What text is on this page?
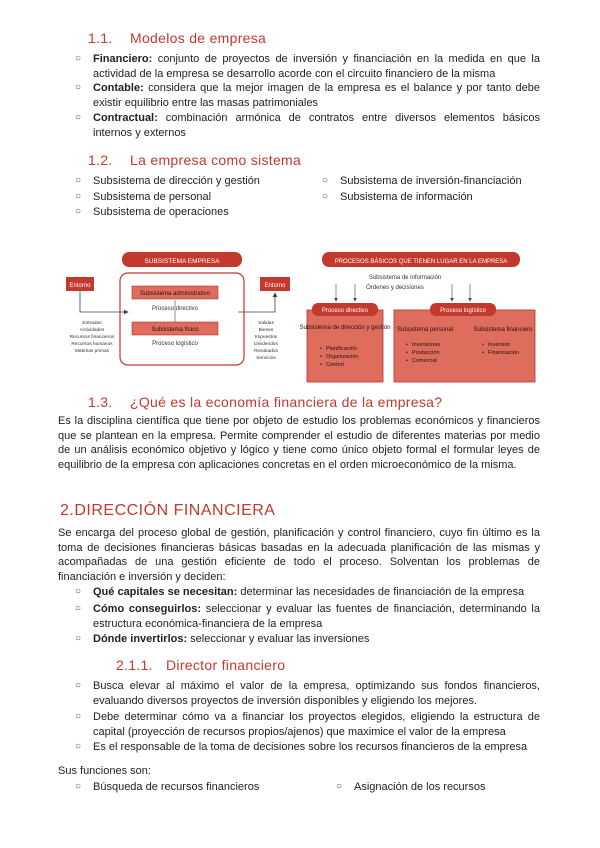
1.1. Modelos de empresa
○ Financiero: conjunto de proyectos de inversión y financiación en la medida en que la actividad de la empresa se desarrollo acorde con el circuito financiero de la misma
○ Contable: considera que la mejor imagen de la empresa es el balance y por tanto debe existir equilibrio entre las masas patrimoniales
○ Contractual: combinación armónica de contratos entre diversos elementos básicos internos y externos
1.2. La empresa como sistema
○ Subsistema de dirección y gestión
○ Subsistema de personal
○ Subsistema de operaciones
○ Subsistema de inversión-financiación
○ Subsistema de información
SUBSISTEMA EMPRESA
Entorno	Entorno
Subsistema administrativo
Proceso directivo
Subsistema físico
Proceso logístico
Entradas
Actividades
Recursos financieros
Recursos humanos
Materias primas
Salidas
Bienes
Impuestos
Dividendos
Resultados
Servicios
PROCESOS BÁSICOS QUE TIENEN LUGAR EN LA EMPRESA
Subsistema de información
Órdenes y decisiones
Proceso directivo
Subsistema de dirección y gestión
• Planificación
• Organización
• Control
Proceso logístico
Subsistema personal	Subsistema financiero
• Inversiones
• Producción
• Comercial
• Inversión
• Financiación
1.3. ¿Qué es la economía financiera de la empresa?
Es la disciplina científica que tiene por objeto de estudio los problemas económicos y financieros que se plantean en la empresa. Permite comprender el estudio de diferentes materias por medio de un análisis económico objetivo y lógico y tiene como único objeto formal el formular leyes de equilibrio de la empresa con aplicaciones concretas en el orden microeconómico de la misma.
2.DIRECCIÓN FINANCIERA
Se encarga del proceso global de gestión, planificación y control financiero, cuyo fin último es la toma de decisiones financieras básicas basadas en la adecuada planificación de las mismas y acompañadas de una gestión eficiente de todo el proceso. Solventan los problemas de financiación e inversión y deciden:
○ Qué capitales se necesitan: determinar las necesidades de financiación de la empresa
○ Cómo conseguirlos: seleccionar y evaluar las fuentes de financiación, determinando la estructura económica-financiera de la empresa
○ Dónde invertirlos: seleccionar y evaluar las inversiones
2.1.1. Director financiero
○ Busca elevar al máximo el valor de la empresa, optimizando sus fondos financieros, evaluando diversos proyectos de inversión disponibles y eligiendo los mejores.
○ Debe determinar cómo va a financiar los proyectos elegidos, eligiendo la estructura de capital (proyección de recursos propios/ajenos) que maximice el valor de la empresa
○ Es el responsable de la toma de decisiones sobre los recursos financieros de la empresa
Sus funciones son:
○ Búsqueda de recursos financieros	○ Asignación de los recursos
